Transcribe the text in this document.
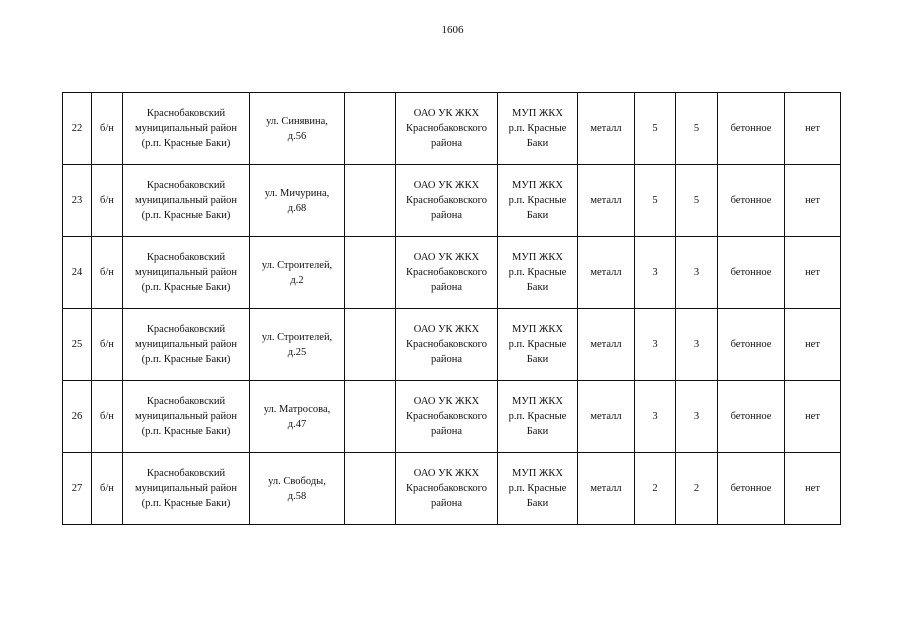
1606
22	б/н	Краснобаковский
муниципальный район
(р.п. Красные Баки)	ул. Синявина,
д.56		ОАО УК ЖКХ
Краснобаковского
района	МУП ЖКХ
р.п. Красные
Баки	металл	5	5	бетонное	нет
23	б/н	Краснобаковский
муниципальный район
(р.п. Красные Баки)	ул. Мичурина,
д.68		ОАО УК ЖКХ
Краснобаковского
района	МУП ЖКХ
р.п. Красные
Баки	металл	5	5	бетонное	нет
24	б/н	Краснобаковский
муниципальный район
(р.п. Красные Баки)	ул. Строителей,
д.2		ОАО УК ЖКХ
Краснобаковского
района	МУП ЖКХ
р.п. Красные
Баки	металл	3	3	бетонное	нет
25	б/н	Краснобаковский
муниципальный район
(р.п. Красные Баки)	ул. Строителей,
д.25		ОАО УК ЖКХ
Краснобаковского
района	МУП ЖКХ
р.п. Красные
Баки	металл	3	3	бетонное	нет
26	б/н	Краснобаковский
муниципальный район
(р.п. Красные Баки)	ул. Матросова,
д.47		ОАО УК ЖКХ
Краснобаковского
района	МУП ЖКХ
р.п. Красные
Баки	металл	3	3	бетонное	нет
27	б/н	Краснобаковский
муниципальный район
(р.п. Красные Баки)	ул. Свободы,
д.58		ОАО УК ЖКХ
Краснобаковского
района	МУП ЖКХ
р.п. Красные
Баки	металл	2	2	бетонное	нет
